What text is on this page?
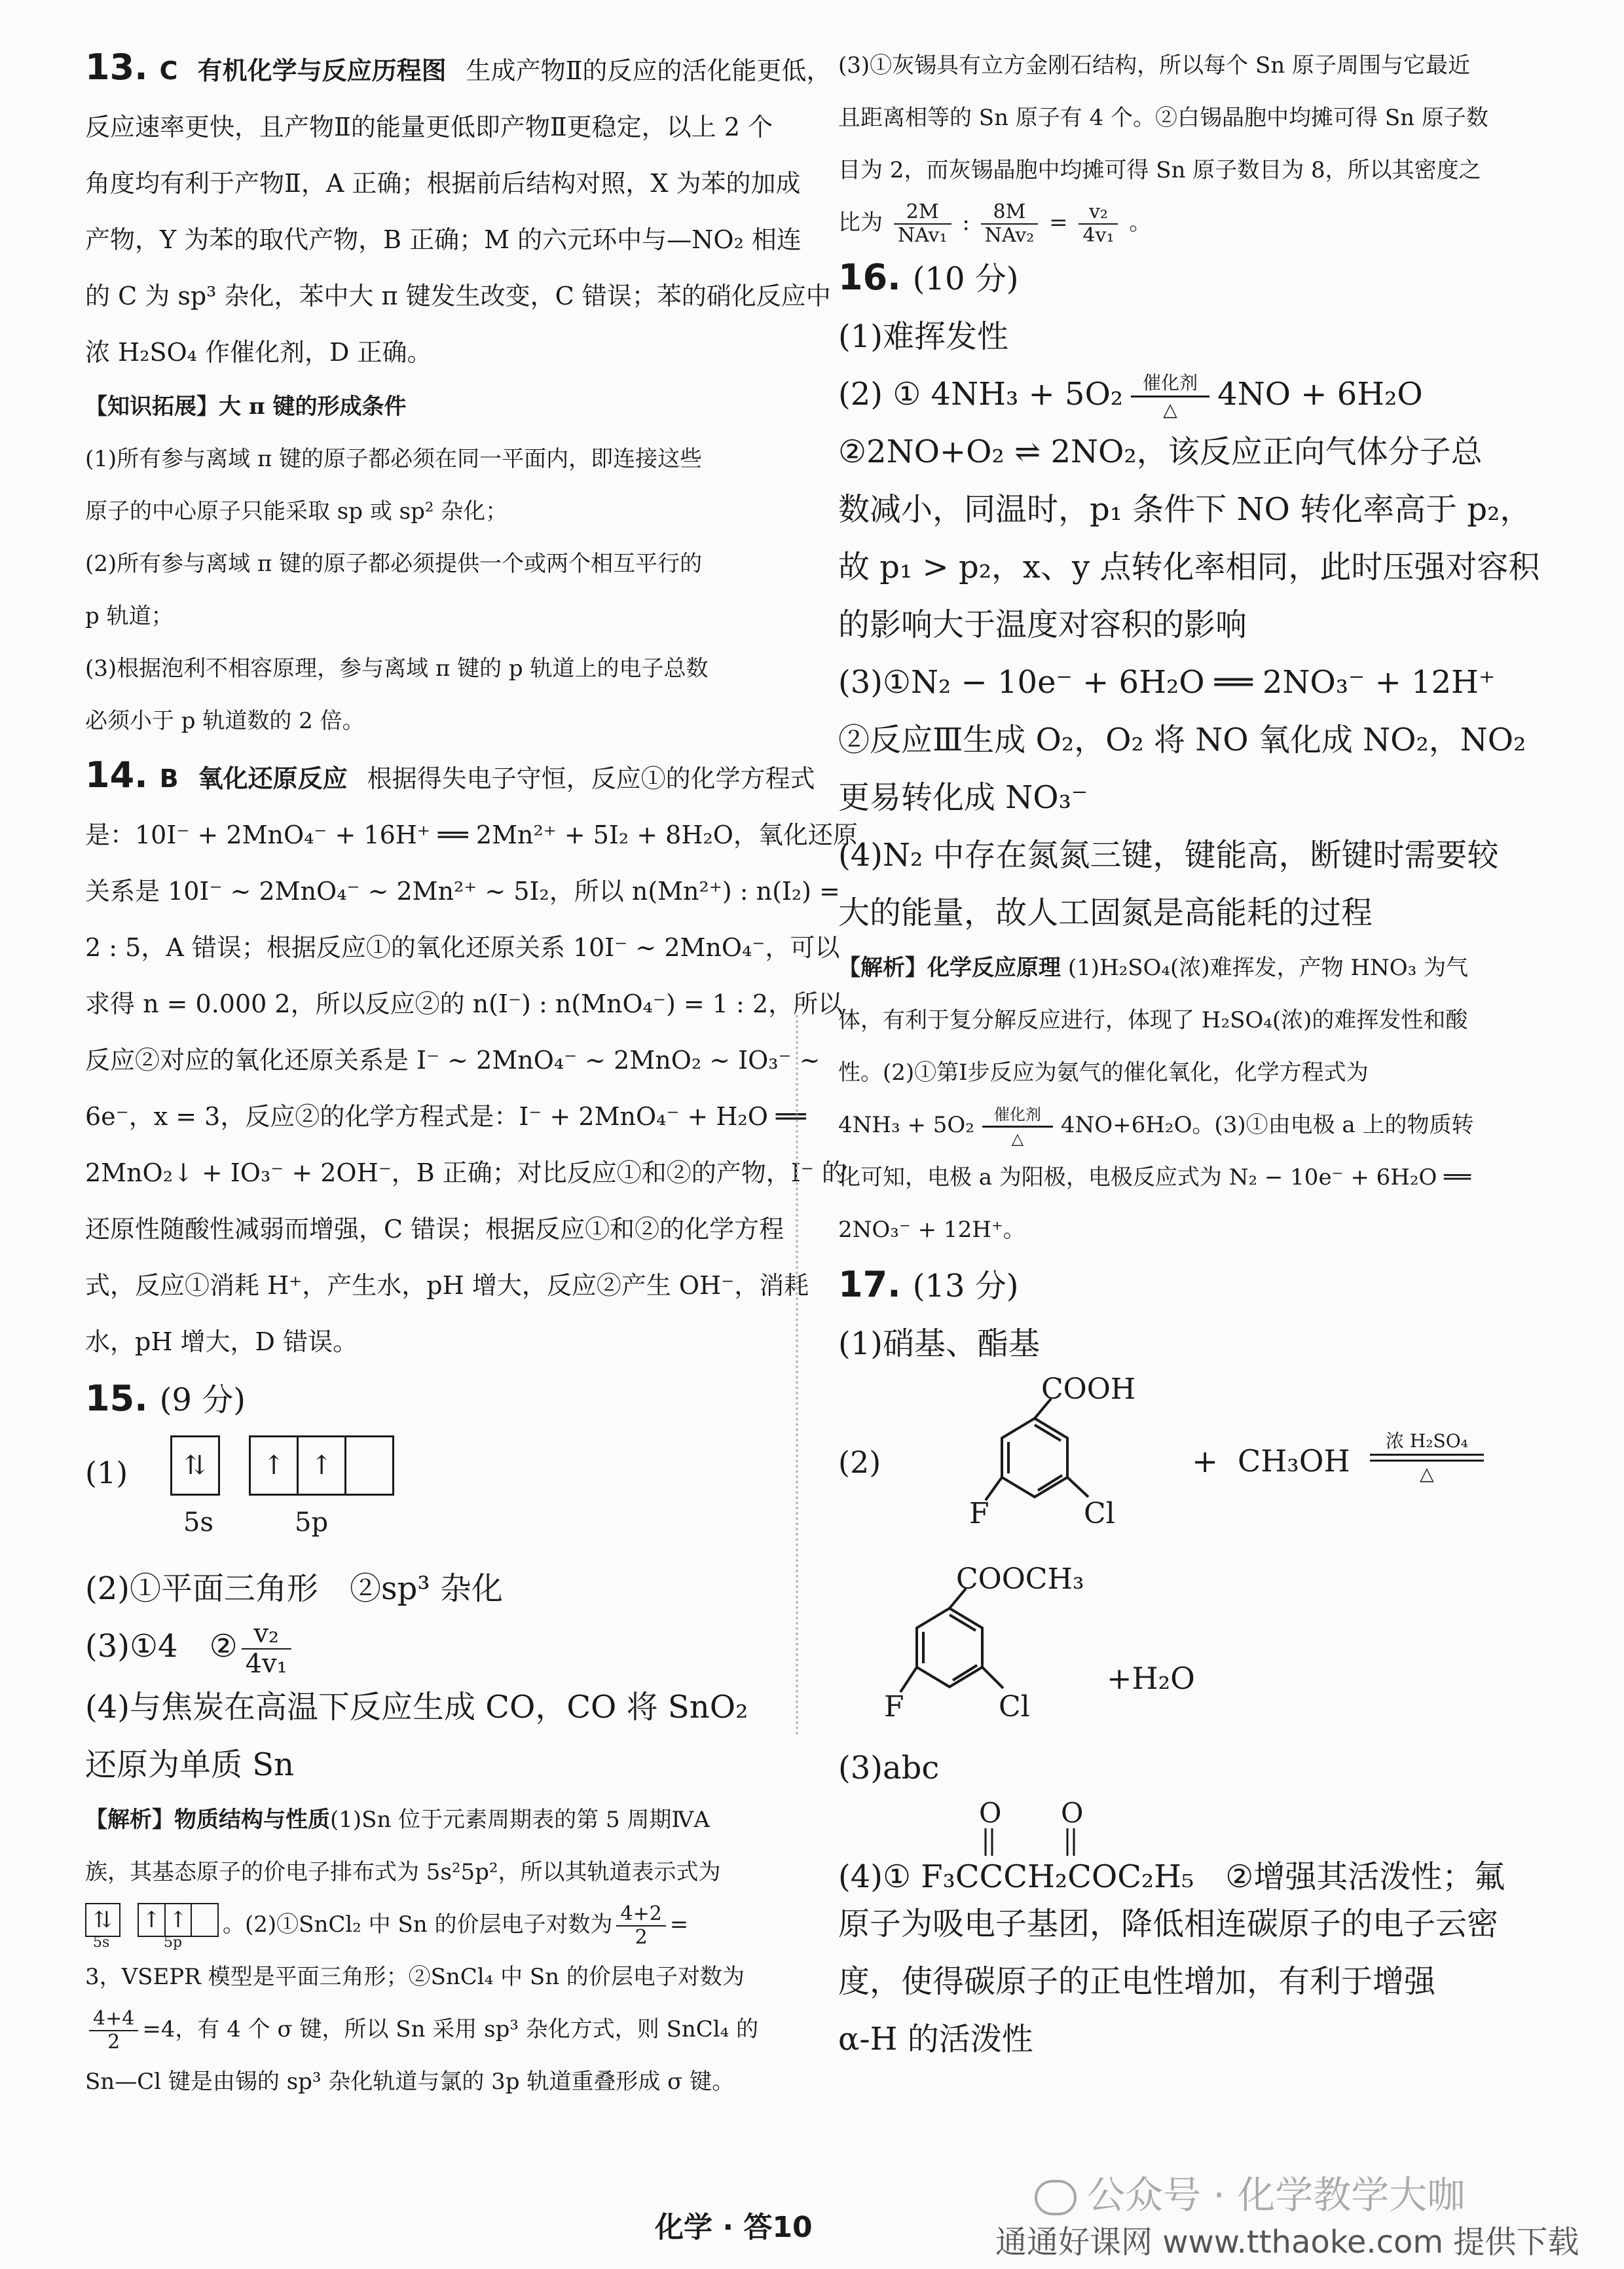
13. C 有机化学与反应历程图 生成产物Ⅱ的反应的活化能更低，

反应速率更快，且产物Ⅱ的能量更低即产物Ⅱ更稳定，以上 2 个

角度均有利于产物Ⅱ，A 正确；根据前后结构对照，X 为苯的加成

产物，Y 为苯的取代产物，B 正确；M 的六元环中与—NO₂ 相连

的 C 为 sp³ 杂化，苯中大 π 键发生改变，C 错误；苯的硝化反应中

浓 H₂SO₄ 作催化剂，D 正确。

【知识拓展】大 π 键的形成条件

(1)所有参与离域 π 键的原子都必须在同一平面内，即连接这些

原子的中心原子只能采取 sp 或 sp² 杂化；

(2)所有参与离域 π 键的原子都必须提供一个或两个相互平行的

p 轨道；

(3)根据泡利不相容原理，参与离域 π 键的 p 轨道上的电子总数

必须小于 p 轨道数的 2 倍。

14. B 氧化还原反应 根据得失电子守恒，反应①的化学方程式

是：10I⁻ + 2MnO₄⁻ + 16H⁺ ══ 2Mn²⁺ + 5I₂ + 8H₂O，氧化还原

关系是 10I⁻ ~ 2MnO₄⁻ ~ 2Mn²⁺ ~ 5I₂，所以 n(Mn²⁺) : n(I₂) =

2 : 5，A 错误；根据反应①的氧化还原关系 10I⁻ ~ 2MnO₄⁻，可以

求得 n = 0.000 2，所以反应②的 n(I⁻) : n(MnO₄⁻) = 1 : 2，所以

反应②对应的氧化还原关系是 I⁻ ~ 2MnO₄⁻ ~ 2MnO₂ ~ IO₃⁻ ~

6e⁻，x = 3，反应②的化学方程式是：I⁻ + 2MnO₄⁻ + H₂O ══

2MnO₂↓ + IO₃⁻ + 2OH⁻，B 正确；对比反应①和②的产物，I⁻ 的

还原性随酸性减弱而增强，C 错误；根据反应①和②的化学方程

式，反应①消耗 H⁺，产生水，pH 增大，反应②产生 OH⁻，消耗

水，pH 增大，D 错误。

15. (9 分)

(1)	⇅	↑ ↑
5s	5p

(2)①平面三角形　②sp³ 杂化

(3)①4　② $\frac{\text{v₂}}{\text{4v₁}}$

(4)与焦炭在高温下反应生成 CO，CO 将 SnO₂

还原为单质 Sn

【解析】物质结构与性质(1)Sn 位于元素周期表的第 5 周期ⅣA

族，其基态原子的价电子排布式为 5s²5p²，所以其轨道表示式为

⇅	↑ ↑
5s	5p
。(2)①SnCl₂ 中 Sn 的价层电子对数为 $\frac{4+2}{2}$ =

3，VSEPR 模型是平面三角形；②SnCl₄ 中 Sn 的价层电子对数为

$\frac{4+4}{2} =4$，有 4 个 σ 键，所以 Sn 采用 sp³ 杂化方式，则 SnCl₄ 的

Sn—Cl 键是由锡的 sp³ 杂化轨道与氯的 3p 轨道重叠形成 σ 键。

(3)①灰锡具有立方金刚石结构，所以每个 Sn 原子周围与它最近

且距离相等的 Sn 原子有 4 个。②白锡晶胞中均摊可得 Sn 原子数

目为 2，而灰锡晶胞中均摊可得 Sn 原子数目为 8，所以其密度之

比为 $\frac{2M}{\text{NAv₁}}$ : $\frac{8M}{\text{NAv₂}} = \frac{\text{v₂}}{\text{4v₁}}$ 。

16. (10 分)

(1)难挥发性

(2) ① 4NH₃ + 5O₂	催化剂
△	4NO + 6H₂O

②2NO+O₂ ⇌ 2NO₂，该反应正向气体分子总

数减小，同温时，p₁ 条件下 NO 转化率高于 p₂，

故 p₁ > p₂，x、y 点转化率相同，此时压强对容积

的影响大于温度对容积的影响

(3)①N₂ − 10e⁻ + 6H₂O ══ 2NO₃⁻ + 12H⁺

②反应Ⅲ生成 O₂，O₂ 将 NO 氧化成 NO₂，NO₂

更易转化成 NO₃⁻

(4)N₂ 中存在氮氮三键，键能高，断键时需要较

大的能量，故人工固氮是高能耗的过程

【解析】化学反应原理 (1)H₂SO₄(浓)难挥发，产物 HNO₃ 为气

体，有利于复分解反应进行，体现了 H₂SO₄(浓)的难挥发性和酸

性。(2)①第Ⅰ步反应为氨气的催化氧化，化学方程式为

4NH₃ + 5O₂	催化剂
△
4NO+6H₂O。(3)①由电极 a 上的物质转

化可知，电极 a 为阳极，电极反应式为 N₂ − 10e⁻ + 6H₂O ══

2NO₃⁻ + 12H⁺。

17. (13 分)

(1)硝基、酯基

(2)
COOH
F	Cl
+ CH₃OH
浓 H₂SO₄
△
COOCH₃
F	Cl
+H₂O

(3)abc

O O

(4)① F₃CCCH₂COC₂H₅　 ②增强其活泼性；氟

原子为吸电子基团，降低相连碳原子的电子云密

度，使得碳原子的正电性增加，有利于增强

α-H 的活泼性

化学 · 答10
公众号 · 化学教学大咖
通通好课网 www.tthaoke.com 提供下载
